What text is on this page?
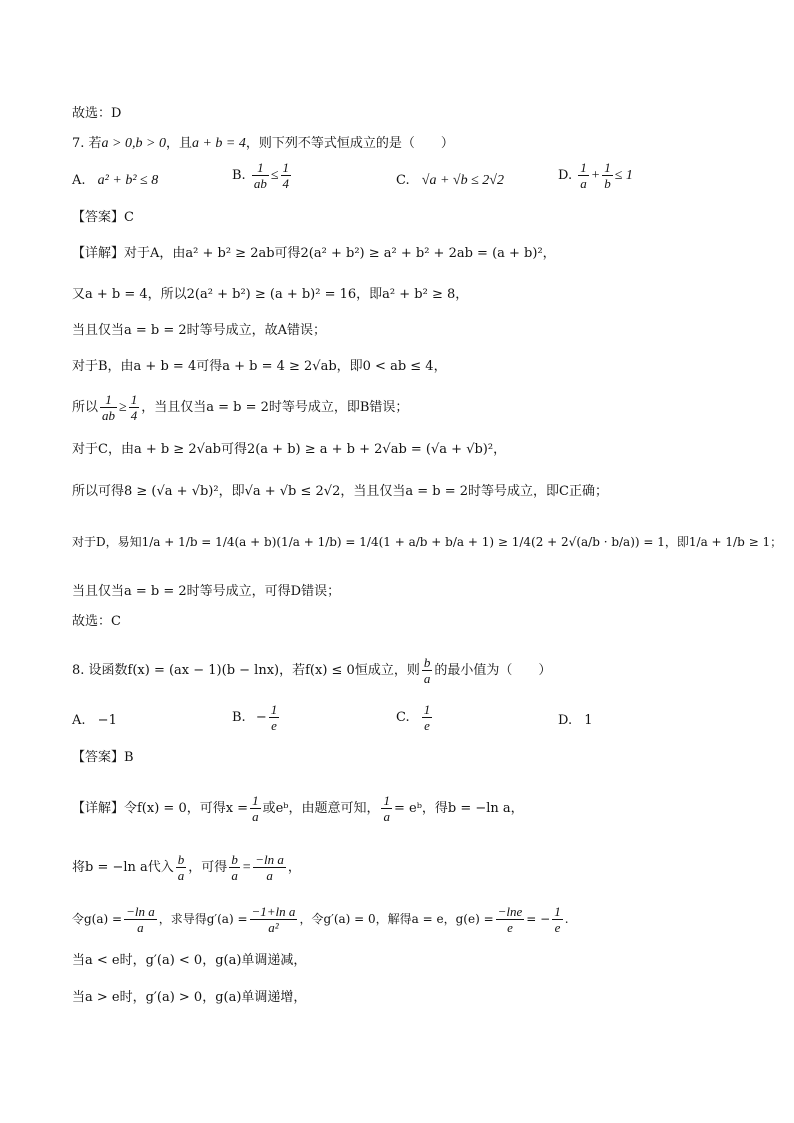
故选：D
7. 若a > 0,b > 0，且a + b = 4，则下列不等式恒成立的是（　　）
A. a² + b² ≤ 8	B. $\frac{1}{ab} \le \frac{1}{4}$	C. √a + √b ≤ 2√2	D. $\frac{1}{a} + \frac{1}{b} \le 1$
【答案】C
【详解】对于A，由a² + b² ≥ 2ab可得2(a² + b²) ≥ a² + b² + 2ab = (a + b)²，
又a + b = 4，所以2(a² + b²) ≥ (a + b)² = 16，即a² + b² ≥ 8，
当且仅当a = b = 2时等号成立，故A错误；
对于B，由a + b = 4可得a + b = 4 ≥ 2√ab，即0 < ab ≤ 4，
所以 $\frac{1}{ab} \ge \frac{1}{4}$ ，当且仅当a = b = 2时等号成立，即B错误；
对于C，由a + b ≥ 2√ab可得2(a + b) ≥ a + b + 2√ab = (√a + √b)²，
所以可得8 ≥ (√a + √b)²，即√a + √b ≤ 2√2，当且仅当a = b = 2时等号成立，即C正确；
对于D，易知1/a + 1/b = 1/4(a + b)(1/a + 1/b) = 1/4(1 + a/b + b/a + 1) ≥ 1/4(2 + 2√(a/b · b/a)) = 1，即1/a + 1/b ≥ 1；
当且仅当a = b = 2时等号成立，可得D错误；
故选：C
8. 设函数f(x) = (ax − 1)(b − lnx)，若f(x) ≤ 0恒成立，则 $\frac{b}{a}$ 的最小值为（　　）
A. −1	B. − $\frac{1}{e}$	C. $\frac{1}{e}$	D. 1
【答案】B
【详解】令f(x) = 0，可得$x = \frac{1}{a}$ 或eᵇ，由题意可知， $\frac{1}{a}$ = eᵇ，得b = −ln a，
将b = −ln a代入 $\frac{b}{a}$ ，可得 $\frac{b}{a} = \frac{\text{−ln a}}{a}$ ，
令$g(a) = \frac{\text{−ln a}}{a}$ ，求导得$g'(a) = \frac{\text{−1+ln a}}{\text{a²}}$ ，令g′(a) = 0，解得a = e，$g(e) = \frac{-\ln e}{e}$ = − $\frac{1}{e}$ .
当a < e时，g′(a) < 0，g(a)单调递减，
当a > e时，g′(a) > 0，g(a)单调递增，
